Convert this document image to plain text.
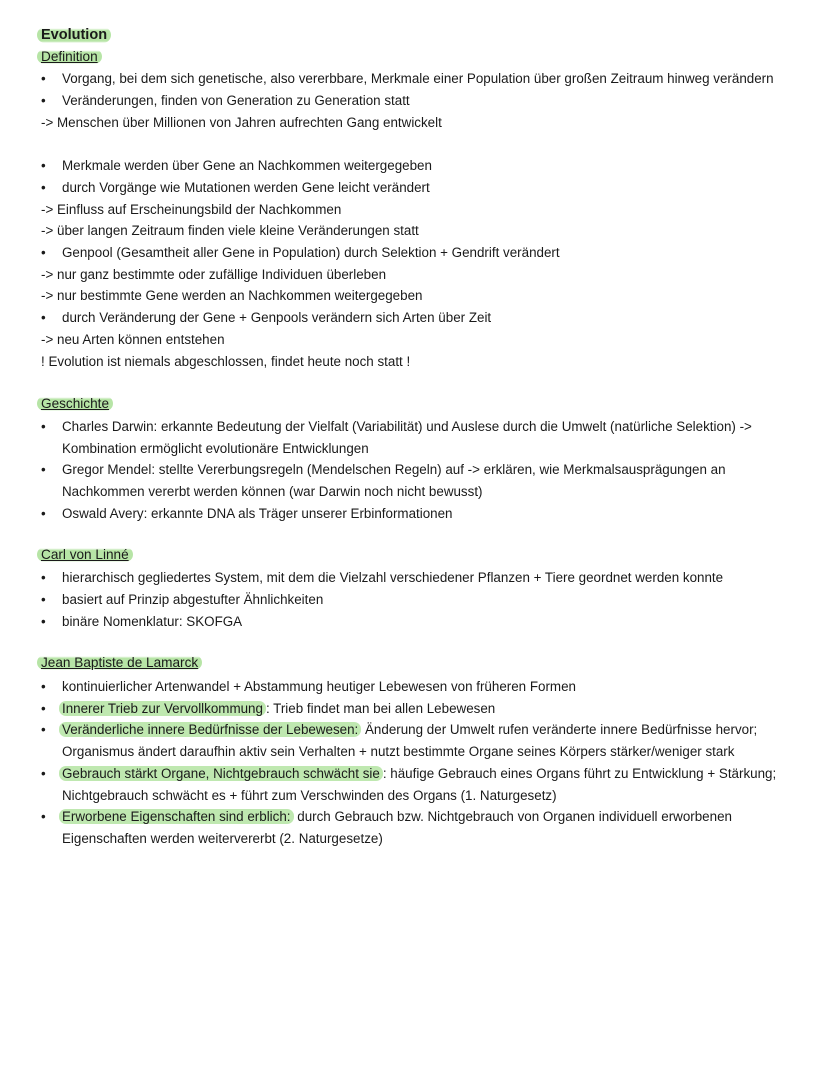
Evolution
Definition
•	Vorgang, bei dem sich genetische, also vererbbare, Merkmale einer Population über großen Zeitraum hinweg verändern
•	Veränderungen, finden von Generation zu Generation statt
-> Menschen über Millionen von Jahren aufrechten Gang entwickelt
•	Merkmale werden über Gene an Nachkommen weitergegeben
•	durch Vorgänge wie Mutationen werden Gene leicht verändert
-> Einfluss auf Erscheinungsbild der Nachkommen
-> über langen Zeitraum finden viele kleine Veränderungen statt
•	Genpool (Gesamtheit aller Gene in Population) durch Selektion + Gendrift verändert
-> nur ganz bestimmte oder zufällige Individuen überleben
-> nur bestimmte Gene werden an Nachkommen weitergegeben
•	durch Veränderung der Gene + Genpools verändern sich Arten über Zeit
-> neu Arten können entstehen
! Evolution ist niemals abgeschlossen, findet heute noch statt !
Geschichte
•	Charles Darwin: erkannte Bedeutung der Vielfalt (Variabilität) und Auslese durch die Umwelt (natürliche Selektion) -> Kombination ermöglicht evolutionäre Entwicklungen
•	Gregor Mendel: stellte Vererbungsregeln (Mendelschen Regeln) auf -> erklären, wie Merkmalsausprägungen an Nachkommen vererbt werden können (war Darwin noch nicht bewusst)
•	Oswald Avery: erkannte DNA als Träger unserer Erbinformationen
Carl von Linné
•	hierarchisch gegliedertes System, mit dem die Vielzahl verschiedener Pflanzen + Tiere geordnet werden konnte
•	basiert auf Prinzip abgestufter Ähnlichkeiten
•	binäre Nomenklatur: SKOFGA
Jean Baptiste de Lamarck
•	kontinuierlicher Artenwandel + Abstammung heutiger Lebewesen von früheren Formen
•	Innerer Trieb zur Vervollkommung : Trieb findet man bei allen Lebewesen
•	Veränderliche innere Bedürfnisse der Lebewesen: Änderung der Umwelt rufen veränderte innere Bedürfnisse hervor; Organismus ändert daraufhin aktiv sein Verhalten + nutzt bestimmte Organe seines Körpers stärker/weniger stark
•	Gebrauch stärkt Organe, Nichtgebrauch schwächt sie : häufige Gebrauch eines Organs führt zu Entwicklung + Stärkung; Nichtgebrauch schwächt es + führt zum Verschwinden des Organs (1. Naturgesetz)
•	Erworbene Eigenschaften sind erblich: durch Gebrauch bzw. Nichtgebrauch von Organen individuell erworbenen Eigenschaften werden weitervererbt (2. Naturgesetze)
